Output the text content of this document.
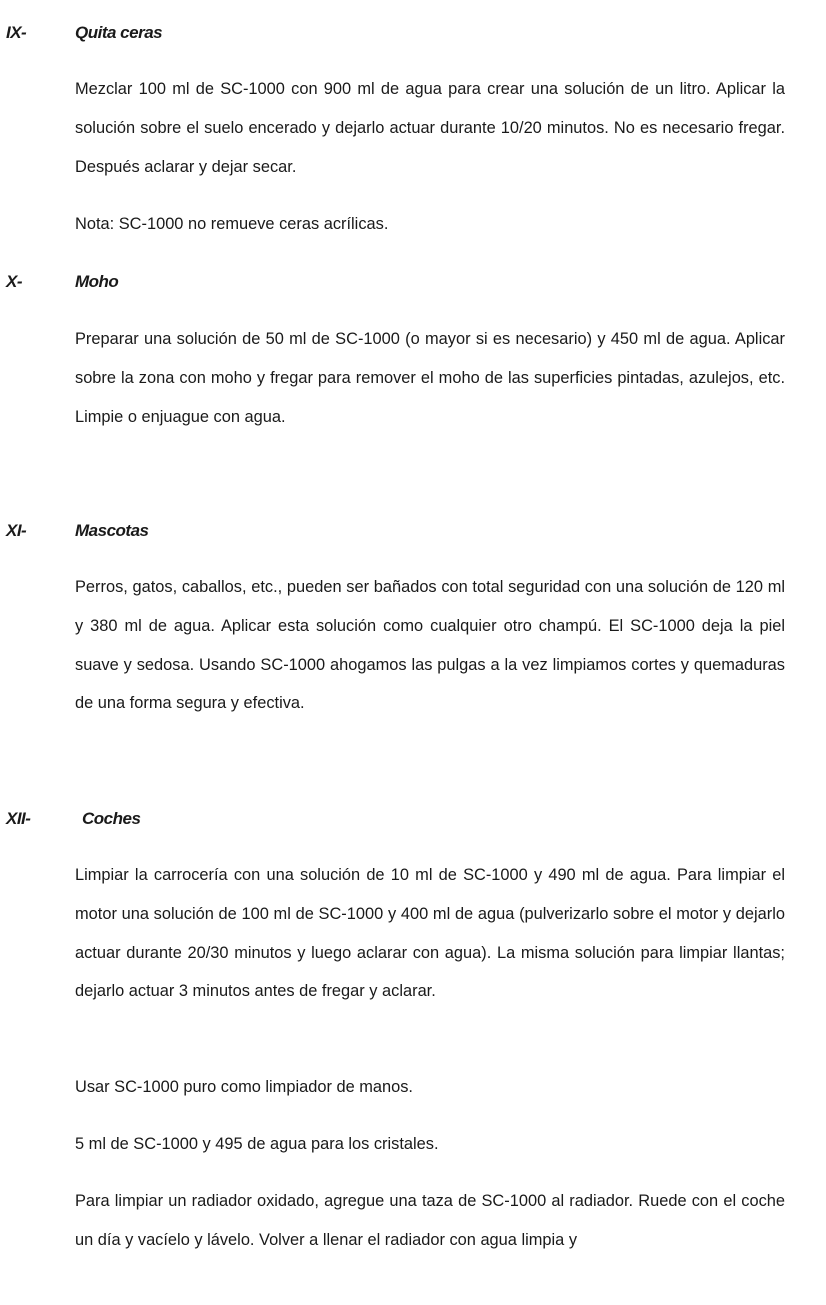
IX-	Quita ceras

Mezclar 100 ml de SC-1000 con 900 ml de agua para crear una solución de un litro. Aplicar la solución sobre el suelo encerado y dejarlo actuar durante 10/20 minutos. No es necesario fregar. Después aclarar y dejar secar.

Nota: SC-1000 no remueve ceras acrílicas.

X-	Moho

Preparar una solución de 50 ml de SC-1000 (o mayor si es necesario) y 450 ml de agua. Aplicar sobre la zona con moho y fregar para remover el moho de las superficies pintadas, azulejos, etc. Limpie o enjuague con agua.

XI-	Mascotas

Perros, gatos, caballos, etc., pueden ser bañados con total seguridad con una solución de 120 ml y 380 ml de agua. Aplicar esta solución como cualquier otro champú. El SC-1000 deja la piel suave y sedosa. Usando SC-1000 ahogamos las pulgas a la vez limpiamos cortes y quemaduras de una forma segura y efectiva.

XII-	Coches

Limpiar la carrocería con una solución de 10 ml de SC-1000 y 490 ml de agua. Para limpiar el motor una solución de 100 ml de SC-1000 y 400 ml de agua (pulverizarlo sobre el motor y dejarlo actuar durante 20/30 minutos y luego aclarar con agua). La misma solución para limpiar llantas; dejarlo actuar 3 minutos antes de fregar y aclarar.

Usar SC-1000 puro como limpiador de manos.

5 ml de SC-1000 y 495 de agua para los cristales.

Para limpiar un radiador oxidado, agregue una taza de SC-1000 al radiador. Ruede con el coche un día y vacíelo y lávelo. Volver a llenar el radiador con agua limpia y
